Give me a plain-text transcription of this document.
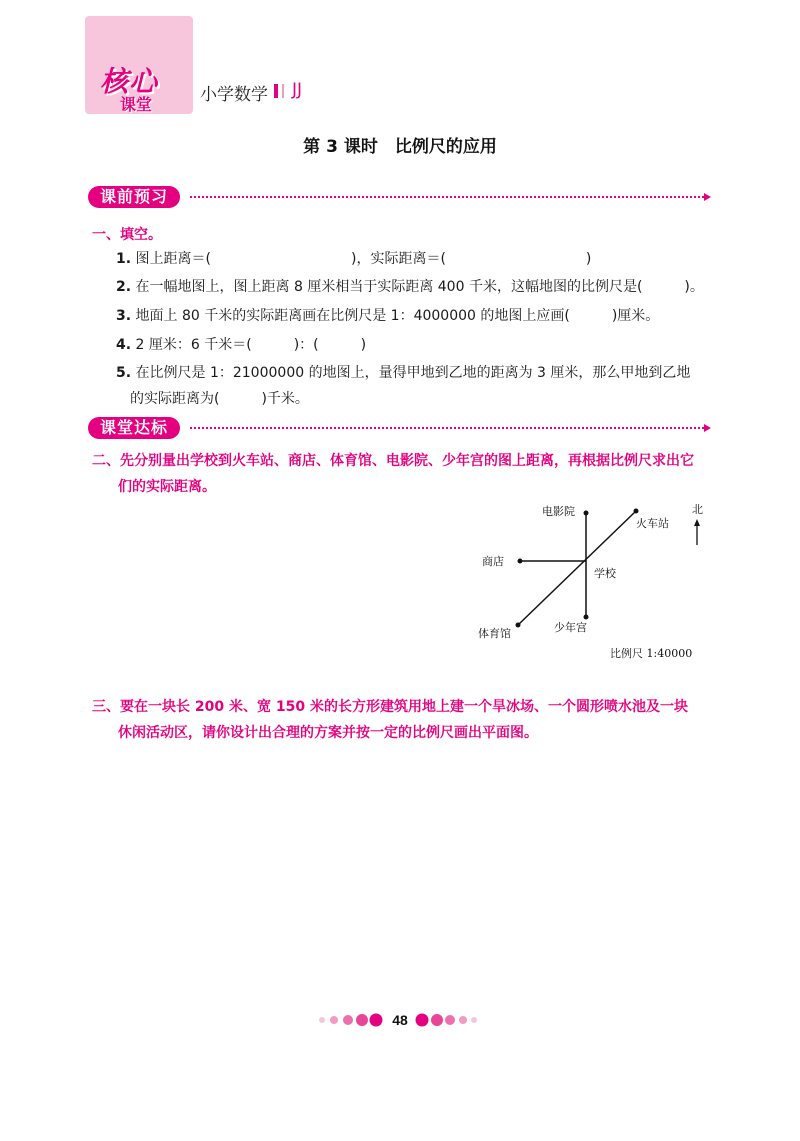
核心
课堂	小学数学 JJ
第 3 课时　比例尺的应用
课前预习
一、填空。
1. 图上距离＝(　　　　　　　　　　)，实际距离＝(　　　　　　　　　　)
2. 在一幅地图上，图上距离 8 厘米相当于实际距离 400 千米，这幅地图的比例尺是(　　　)。
3. 地面上 80 千米的实际距离画在比例尺是 1：4000000 的地图上应画(　　　)厘米。
4. 2 厘米：6 千米＝(　　　)：(　　　)
5. 在比例尺是 1：21000000 的地图上，量得甲地到乙地的距离为 3 厘米，那么甲地到乙地
的实际距离为(　　　)千米。
课堂达标
二、先分别量出学校到火车站、商店、体育馆、电影院、少年宫的图上距离，再根据比例尺求出它
们的实际距离。
电影院
火车站
北
商店
学校
体育馆	少年宫
比例尺 1:40000
三、要在一块长 200 米、宽 150 米的长方形建筑用地上建一个旱冰场、一个圆形喷水池及一块
休闲活动区，请你设计出合理的方案并按一定的比例尺画出平面图。
48
